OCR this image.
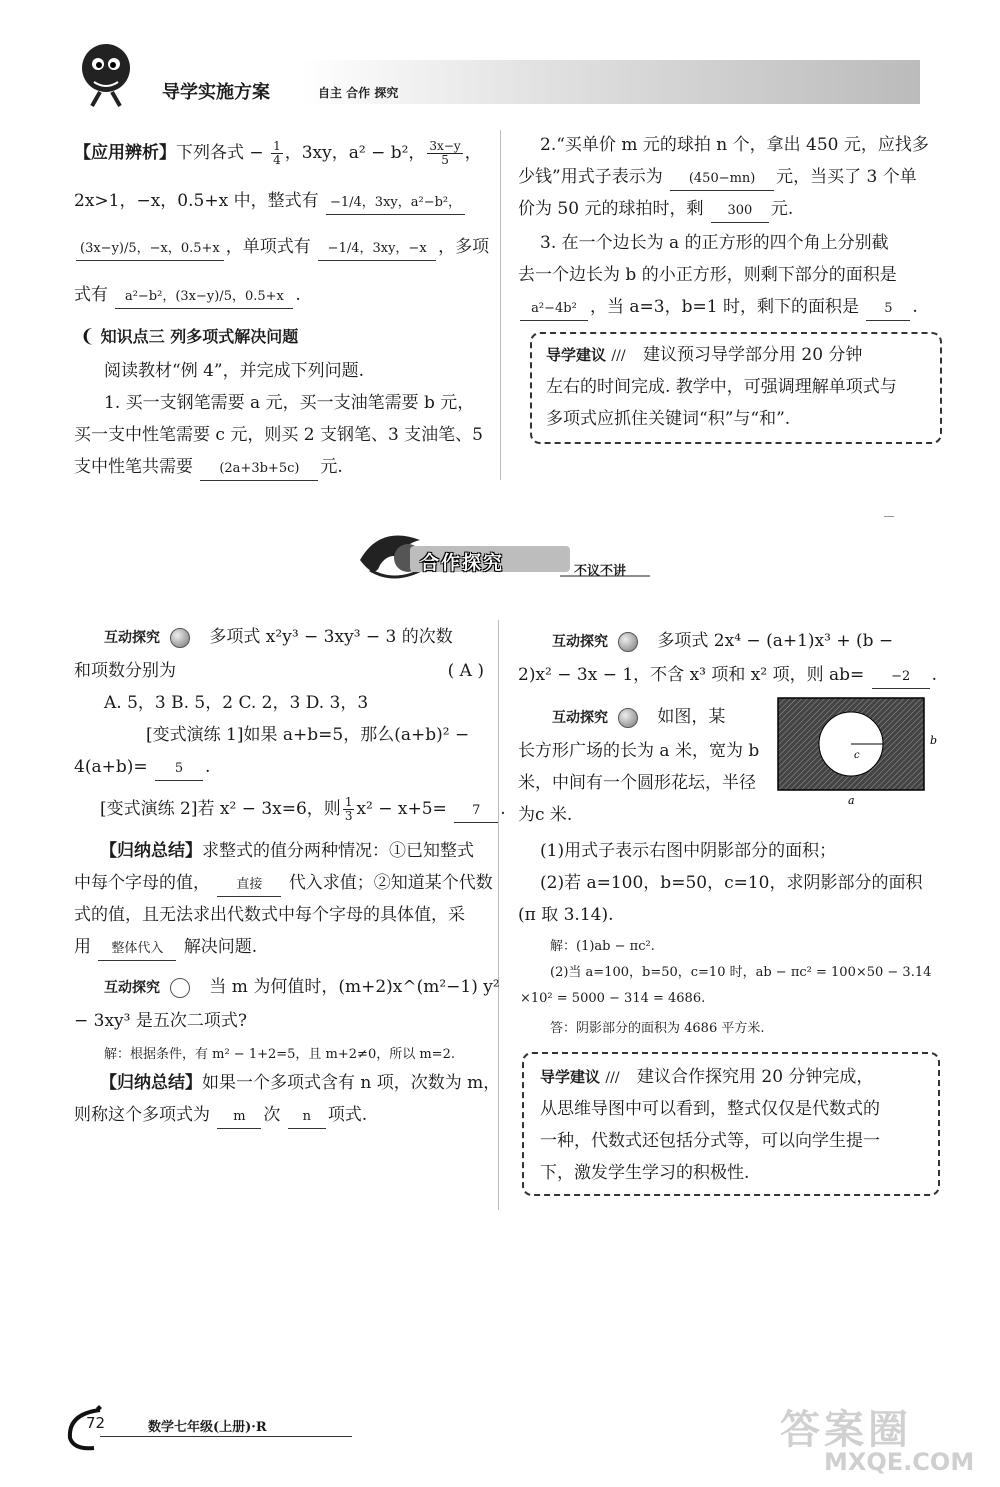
导学实施方案	自主 合作 探究
【应用辨析】下列各式 − $\frac{1}{4}$ ，3xy，a² − b²， $\frac{3x-y}{5}$ ，
2x>1，−x，0.5+x 中，整式有 −1/4，3xy，a²−b²，
(3x−y)/5，−x，0.5+x ，单项式有 −1/4，3xy，−x ，多项
式有 a²−b²，(3x−y)/5，0.5+x .
❨ 知识点三 列多项式解决问题
阅读教材“例 4”，并完成下列问题.
1. 买一支钢笔需要 a 元，买一支油笔需要 b 元，
买一支中性笔需要 c 元，则买 2 支钢笔、3 支油笔、5
支中性笔共需要 (2a+3b+5c) 元.
2.“买单价 m 元的球拍 n 个，拿出 450 元，应找多
少钱”用式子表示为 (450−mn) 元，当买了 3 个单
价为 50 元的球拍时，剩 300 元.
3. 在一个边长为 a 的正方形的四个角上分别截
去一个边长为 b 的小正方形，则剩下部分的面积是
a²−4b² ，当 a=3，b=1 时，剩下的面积是 5 .
导学建议 /// 建议预习导学部分用 20 分钟
左右的时间完成. 教学中，可强调理解单项式与
多项式应抓住关键词“积”与“和”.
合作探究	不议不讲
互动探究	多项式 x²y³ − 3xy³ − 3 的次数
和项数分别为	( A )
A. 5，3 B. 5，2 C. 2，3 D. 3，3
[变式演练 1]如果 a+b=5，那么(a+b)² −
4(a+b)= 5 .
[变式演练 2]若 x² − 3x=6，则 $\frac{1}{3} x^2 - x+5= 7$ .
【归纳总结】求整式的值分两种情况：①已知整式
中每个字母的值， 直接 代入求值；②知道某个代数
式的值，且无法求出代数式中每个字母的具体值，采
用 整体代入 解决问题.
互动探究	当 m 为何值时，(m+2)x^(m²−1) y²
− 3xy³ 是五次二项式?
解：根据条件，有 m² − 1+2=5，且 m+2≠0，所以 m=2.
【归纳总结】如果一个多项式含有 n 项，次数为 m，
则称这个多项式为 m 次 n 项式.
互动探究	多项式 2x⁴ − (a+1)x³ + (b −
2)x² − 3x − 1，不含 x³ 项和 x² 项，则 ab= −2 .
互动探究	如图，某
长方形广场的长为 a 米，宽为 b
米，中间有一个圆形花坛，半径
为c 米.
c
b
a
(1)用式子表示右图中阴影部分的面积；
(2)若 a=100，b=50，c=10，求阴影部分的面积
(π 取 3.14).
解：(1)ab − πc².
(2)当 a=100，b=50，c=10 时，ab − πc² = 100×50 − 3.14
×10² = 5000 − 314 = 4686.
答：阴影部分的面积为 4686 平方米.
导学建议 /// 建议合作探究用 20 分钟完成，
从思维导图中可以看到，整式仅仅是代数式的
一种，代数式还包括分式等，可以向学生提一
下，激发学生学习的积极性.
72	数学七年级(上册)·R	答案圈
MXQE.COM
